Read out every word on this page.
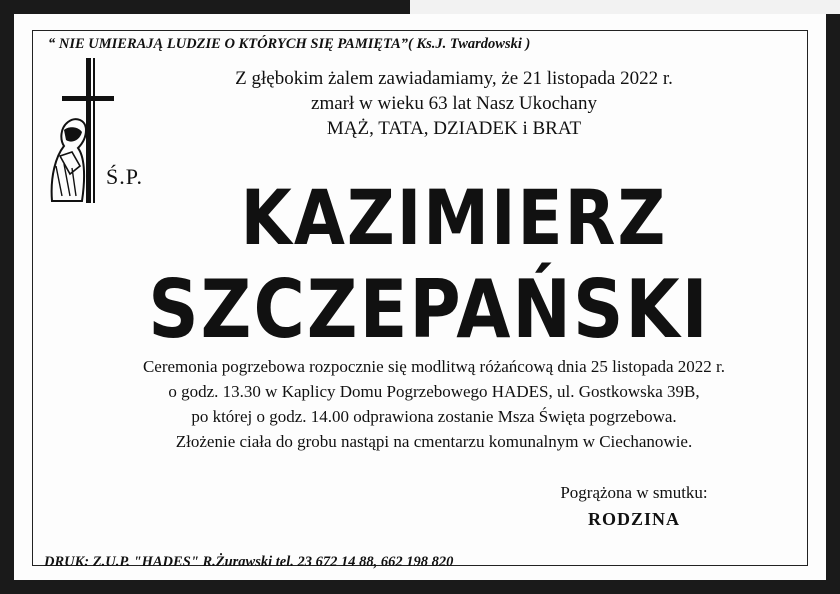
“ NIE UMIERAJĄ LUDZIE O KTÓRYCH SIĘ PAMIĘTA”( Ks.J. Twardowski )
Ś.P.
Z głębokim żalem zawiadamiamy, że 21 listopada 2022 r.
zmarł w wieku 63 lat Nasz Ukochany
MĄŻ, TATA, DZIADEK i BRAT
KAZIMIERZ
SZCZEPAŃSKI
Ceremonia pogrzebowa rozpocznie się modlitwą różańcową dnia 25 listopada 2022 r.
o godz. 13.30 w Kaplicy Domu Pogrzebowego HADES, ul. Gostkowska 39B,
po której o godz. 14.00 odprawiona zostanie Msza Święta pogrzebowa.
Złożenie ciała do grobu nastąpi na cmentarzu komunalnym w Ciechanowie.
Pogrążona w smutku:
RODZINA
DRUK: Z.U.P. "HADES" R.Żurawski tel. 23 672 14 88, 662 198 820
